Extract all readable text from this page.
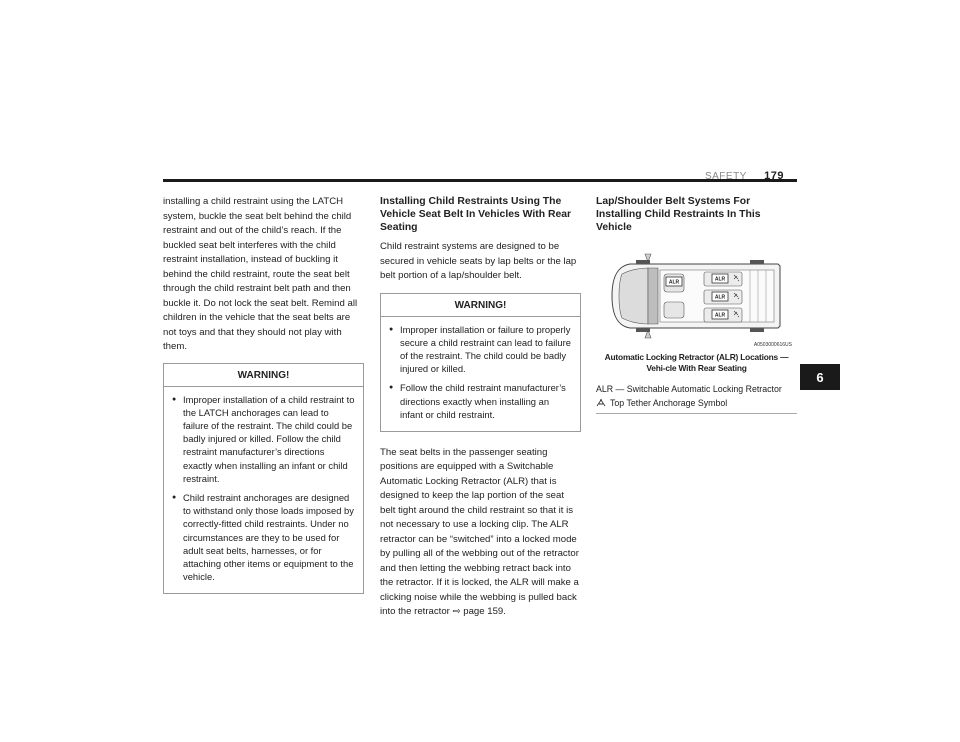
SAFETY 179

installing a child restraint using the LATCH system, buckle the seat belt behind the child restraint and out of the child’s reach. If the buckled seat belt interferes with the child restraint installation, instead of buckling it behind the child restraint, route the seat belt through the child restraint belt path and then buckle it. Do not lock the seat belt. Remind all children in the vehicle that the seat belts are not toys and that they should not play with them.

WARNING!
● Improper installation of a child restraint to the LATCH anchorages can lead to failure of the restraint. The child could be badly injured or killed. Follow the child restraint manufacturer’s directions exactly when installing an infant or child restraint.
● Child restraint anchorages are designed to withstand only those loads imposed by correctly-fitted child restraints. Under no circumstances are they to be used for adult seat belts, harnesses, or for attaching other items or equipment to the vehicle.
Installing Child Restraints Using The Vehicle Seat Belt In Vehicles With Rear Seating

Child restraint systems are designed to be secured in vehicle seats by lap belts or the lap belt portion of a lap/shoulder belt.

WARNING!
● Improper installation or failure to properly secure a child restraint can lead to failure of the restraint. The child could be badly injured or killed.
● Follow the child restraint manufacturer’s directions exactly when installing an infant or child restraint.

The seat belts in the passenger seating positions are equipped with a Switchable Automatic Locking Retractor (ALR) that is designed to keep the lap portion of the seat belt tight around the child restraint so that it is not necessary to use a locking clip. The ALR retractor can be “switched” into a locked mode by pulling all of the webbing out of the retractor and then letting the webbing retract back into the retractor. If it is locked, the ALR will make a clicking noise while the webbing is pulled back into the retractor ⇨ page 159.

Lap/Shoulder Belt Systems For Installing Child Restraints In This Vehicle
ALR	ALR
ALR
ALR
A0503000616US
Automatic Locking Retractor (ALR) Locations — Vehi-cle With Rear Seating
ALR — Switchable Automatic Locking Retractor
Top Tether Anchorage Symbol
6
